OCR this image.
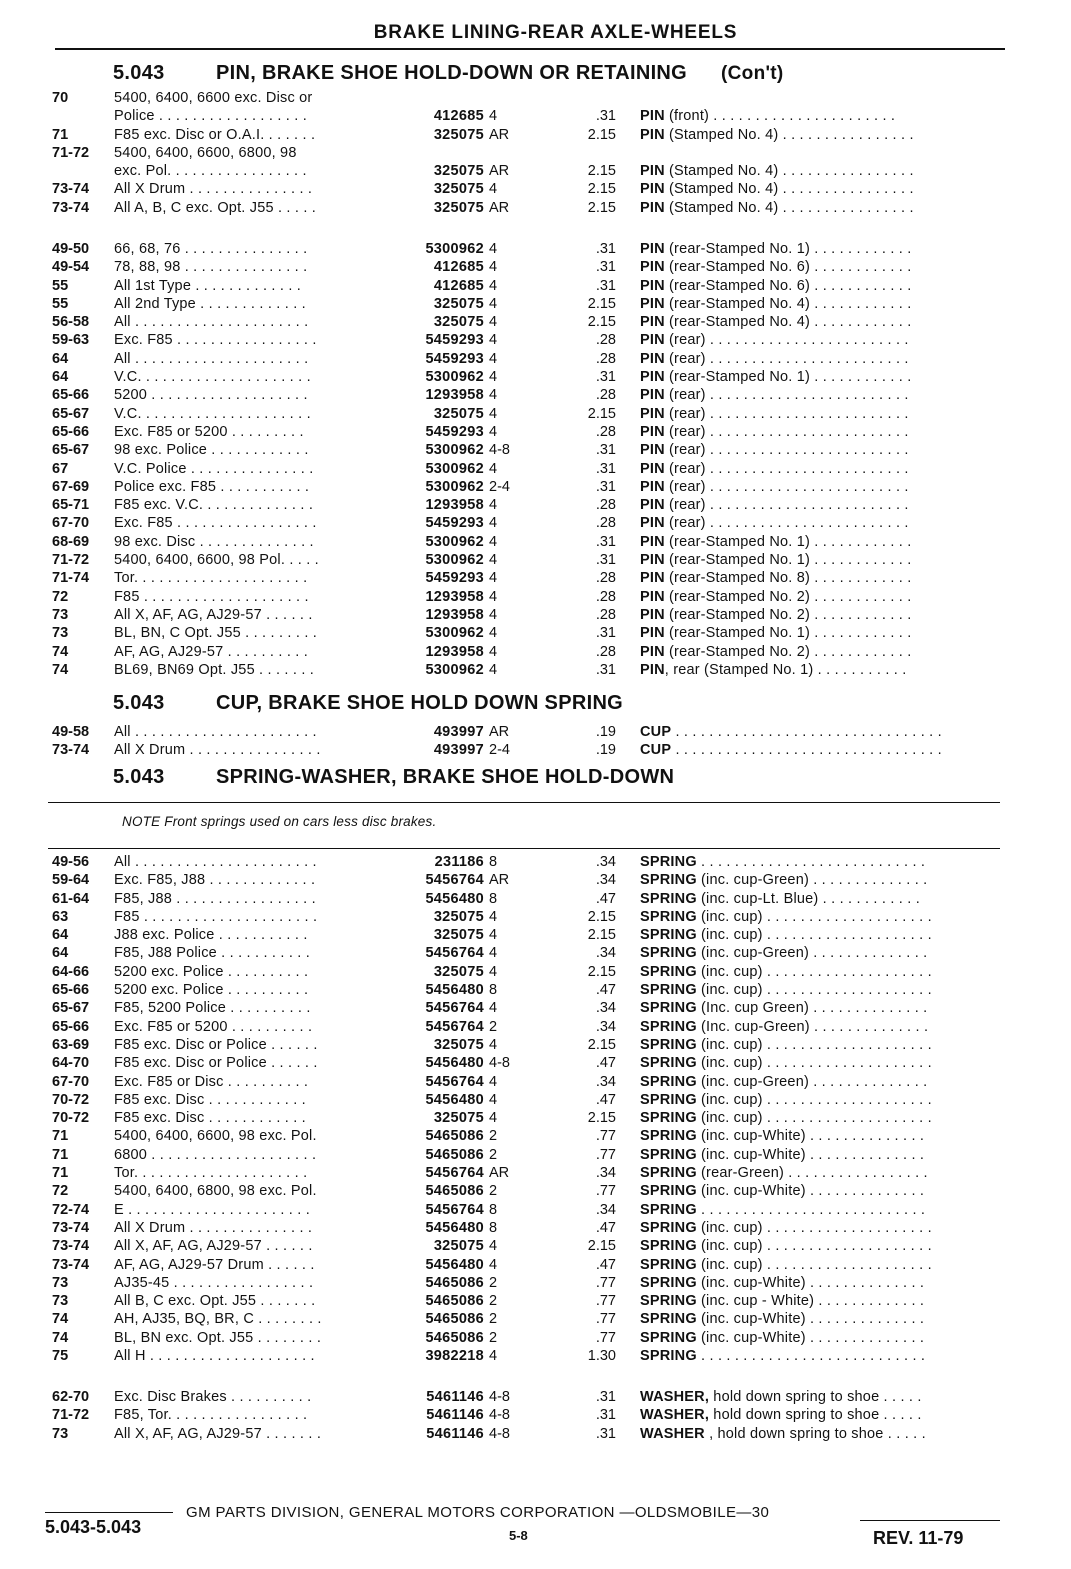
BRAKE LINING-REAR AXLE-WHEELS
5.043	PIN, BRAKE SHOE HOLD-DOWN OR RETAINING (Con't)
70	5400, 6400, 6600 exc. Disc or
Police . . . . . . . . . . . . . . . . . .	412685 4	.31 PIN (front) . . . . . . . . . . . . . . . . . . . . . .
71	F85 exc. Disc or O.A.I. . . . . . .	325075 AR	2.15 PIN (Stamped No. 4) . . . . . . . . . . . . . . . .
71-72 5400, 6400, 6600, 6800, 98
exc. Pol. . . . . . . . . . . . . . . . .	325075 AR	2.15 PIN (Stamped No. 4) . . . . . . . . . . . . . . . .
73-74 All X Drum . . . . . . . . . . . . . . .	325075 4	2.15 PIN (Stamped No. 4) . . . . . . . . . . . . . . . .
73-74 All A, B, C exc. Opt. J55 . . . . .	325075 AR	2.15 PIN (Stamped No. 4) . . . . . . . . . . . . . . . .
49-50 66, 68, 76 . . . . . . . . . . . . . . .	5300962 4	.31 PIN (rear-Stamped No. 1) . . . . . . . . . . . .
49-54 78, 88, 98 . . . . . . . . . . . . . . .	412685 4	.31 PIN (rear-Stamped No. 6) . . . . . . . . . . . .
55	All 1st Type . . . . . . . . . . . . .	412685 4	.31 PIN (rear-Stamped No. 6) . . . . . . . . . . . .
55	All 2nd Type . . . . . . . . . . . . .	325075 4	2.15 PIN (rear-Stamped No. 4) . . . . . . . . . . . .
56-58 All . . . . . . . . . . . . . . . . . . . . .	325075 4	2.15 PIN (rear-Stamped No. 4) . . . . . . . . . . . .
59-63 Exc. F85 . . . . . . . . . . . . . . . . .	5459293 4	.28 PIN (rear) . . . . . . . . . . . . . . . . . . . . . . . .
64	All . . . . . . . . . . . . . . . . . . . . .	5459293 4	.28 PIN (rear) . . . . . . . . . . . . . . . . . . . . . . . .
64	V.C. . . . . . . . . . . . . . . . . . . . .	5300962 4	.31 PIN (rear-Stamped No. 1) . . . . . . . . . . . .
65-66 5200 . . . . . . . . . . . . . . . . . . .	1293958 4	.28 PIN (rear) . . . . . . . . . . . . . . . . . . . . . . . .
65-67 V.C. . . . . . . . . . . . . . . . . . . . .	325075 4	2.15 PIN (rear) . . . . . . . . . . . . . . . . . . . . . . . .
65-66 Exc. F85 or 5200 . . . . . . . . .	5459293 4	.28 PIN (rear) . . . . . . . . . . . . . . . . . . . . . . . .
65-67 98 exc. Police . . . . . . . . . . . .	5300962 4-8	.31 PIN (rear) . . . . . . . . . . . . . . . . . . . . . . . .
67	V.C. Police . . . . . . . . . . . . . . .	5300962 4	.31 PIN (rear) . . . . . . . . . . . . . . . . . . . . . . . .
67-69 Police exc. F85 . . . . . . . . . . .	5300962 2-4	.31 PIN (rear) . . . . . . . . . . . . . . . . . . . . . . . .
65-71 F85 exc. V.C. . . . . . . . . . . . . .	1293958 4	.28 PIN (rear) . . . . . . . . . . . . . . . . . . . . . . . .
67-70 Exc. F85 . . . . . . . . . . . . . . . . .	5459293 4	.28 PIN (rear) . . . . . . . . . . . . . . . . . . . . . . . .
68-69 98 exc. Disc . . . . . . . . . . . . . .	5300962 4	.31 PIN (rear-Stamped No. 1) . . . . . . . . . . . .
71-72 5400, 6400, 6600, 98 Pol. . . . .	5300962 4	.31 PIN (rear-Stamped No. 1) . . . . . . . . . . . .
71-74 Tor. . . . . . . . . . . . . . . . . . . . .	5459293 4	.28 PIN (rear-Stamped No. 8) . . . . . . . . . . . .
72	F85 . . . . . . . . . . . . . . . . . . . .	1293958 4	.28 PIN (rear-Stamped No. 2) . . . . . . . . . . . .
73	All X, AF, AG, AJ29-57 . . . . . .	1293958 4	.28 PIN (rear-Stamped No. 2) . . . . . . . . . . . .
73	BL, BN, C Opt. J55 . . . . . . . . .	5300962 4	.31 PIN (rear-Stamped No. 1) . . . . . . . . . . . .
74	AF, AG, AJ29-57 . . . . . . . . . .	1293958 4	.28 PIN (rear-Stamped No. 2) . . . . . . . . . . . .
74	BL69, BN69 Opt. J55 . . . . . . .	5300962 4	.31 PIN, rear (Stamped No. 1) . . . . . . . . . . .
5.043	CUP, BRAKE SHOE HOLD DOWN SPRING
49-58 All . . . . . . . . . . . . . . . . . . . . . .	493997 AR	.19 CUP . . . . . . . . . . . . . . . . . . . . . . . . . . . . . . . .
73-74 All X Drum . . . . . . . . . . . . . . . .	493997 2-4	.19 CUP . . . . . . . . . . . . . . . . . . . . . . . . . . . . . . . .
5.043	SPRING-WASHER, BRAKE SHOE HOLD-DOWN
NOTE Front springs used on cars less disc brakes.
49-56 All . . . . . . . . . . . . . . . . . . . . . .	231186 8	.34 SPRING . . . . . . . . . . . . . . . . . . . . . . . . . . .
59-64 Exc. F85, J88 . . . . . . . . . . . . .	5456764 AR	.34 SPRING (inc. cup-Green) . . . . . . . . . . . . . .
61-64 F85, J88 . . . . . . . . . . . . . . . . .	5456480 8	.47 SPRING (inc. cup-Lt. Blue) . . . . . . . . . . . .
63	F85 . . . . . . . . . . . . . . . . . . . . .	325075 4	2.15 SPRING (inc. cup) . . . . . . . . . . . . . . . . . . . .
64	J88 exc. Police . . . . . . . . . . .	325075 4	2.15 SPRING (inc. cup) . . . . . . . . . . . . . . . . . . . .
64	F85, J88 Police . . . . . . . . . . .	5456764 4	.34 SPRING (inc. cup-Green) . . . . . . . . . . . . . .
64-66 5200 exc. Police . . . . . . . . . .	325075 4	2.15 SPRING (inc. cup) . . . . . . . . . . . . . . . . . . . .
65-66 5200 exc. Police . . . . . . . . . .	5456480 8	.47 SPRING (inc. cup) . . . . . . . . . . . . . . . . . . . .
65-67 F85, 5200 Police . . . . . . . . . .	5456764 4	.34 SPRING (Inc. cup Green) . . . . . . . . . . . . . .
65-66 Exc. F85 or 5200 . . . . . . . . . .	5456764 2	.34 SPRING (Inc. cup-Green) . . . . . . . . . . . . . .
63-69 F85 exc. Disc or Police . . . . . .	325075 4	2.15 SPRING (inc. cup) . . . . . . . . . . . . . . . . . . . .
64-70 F85 exc. Disc or Police . . . . . .	5456480 4-8	.47 SPRING (inc. cup) . . . . . . . . . . . . . . . . . . . .
67-70 Exc. F85 or Disc . . . . . . . . . .	5456764 4	.34 SPRING (inc. cup-Green) . . . . . . . . . . . . . .
70-72 F85 exc. Disc . . . . . . . . . . . .	5456480 4	.47 SPRING (inc. cup) . . . . . . . . . . . . . . . . . . . .
70-72 F85 exc. Disc . . . . . . . . . . . .	325075 4	2.15 SPRING (inc. cup) . . . . . . . . . . . . . . . . . . . .
71	5400, 6400, 6600, 98 exc. Pol.	5465086 2	.77 SPRING (inc. cup-White) . . . . . . . . . . . . . .
71	6800 . . . . . . . . . . . . . . . . . . . .	5465086 2	.77 SPRING (inc. cup-White) . . . . . . . . . . . . . .
71	Tor. . . . . . . . . . . . . . . . . . . . .	5456764 AR	.34 SPRING (rear-Green) . . . . . . . . . . . . . . . . .
72	5400, 6400, 6800, 98 exc. Pol.	5465086 2	.77 SPRING (inc. cup-White) . . . . . . . . . . . . . .
72-74 E . . . . . . . . . . . . . . . . . . . . . .	5456764 8	.34 SPRING . . . . . . . . . . . . . . . . . . . . . . . . . . .
73-74 All X Drum . . . . . . . . . . . . . . .	5456480 8	.47 SPRING (inc. cup) . . . . . . . . . . . . . . . . . . . .
73-74 All X, AF, AG, AJ29-57 . . . . . .	325075 4	2.15 SPRING (inc. cup) . . . . . . . . . . . . . . . . . . . .
73-74 AF, AG, AJ29-57 Drum . . . . . .	5456480 4	.47 SPRING (inc. cup) . . . . . . . . . . . . . . . . . . . .
73	AJ35-45 . . . . . . . . . . . . . . . . .	5465086 2	.77 SPRING (inc. cup-White) . . . . . . . . . . . . . .
73	All B, C exc. Opt. J55 . . . . . . .	5465086 2	.77 SPRING (inc. cup - White) . . . . . . . . . . . . .
74	AH, AJ35, BQ, BR, C . . . . . . . .	5465086 2	.77 SPRING (inc. cup-White) . . . . . . . . . . . . . .
74	BL, BN exc. Opt. J55 . . . . . . . .	5465086 2	.77 SPRING (inc. cup-White) . . . . . . . . . . . . . .
75	All H . . . . . . . . . . . . . . . . . . . .	3982218 4	1.30 SPRING . . . . . . . . . . . . . . . . . . . . . . . . . . .
62-70 Exc. Disc Brakes . . . . . . . . . .	5461146 4-8	.31 WASHER, hold down spring to shoe . . . . .
71-72 F85, Tor. . . . . . . . . . . . . . . . .	5461146 4-8	.31 WASHER, hold down spring to shoe . . . . .
73	All X, AF, AG, AJ29-57 . . . . . . .	5461146 4-8	.31 WASHER , hold down spring to shoe . . . . .
5.043-5.043
GM PARTS DIVISION, GENERAL MOTORS CORPORATION —OLDSMOBILE—30
5-8	REV. 11-79
